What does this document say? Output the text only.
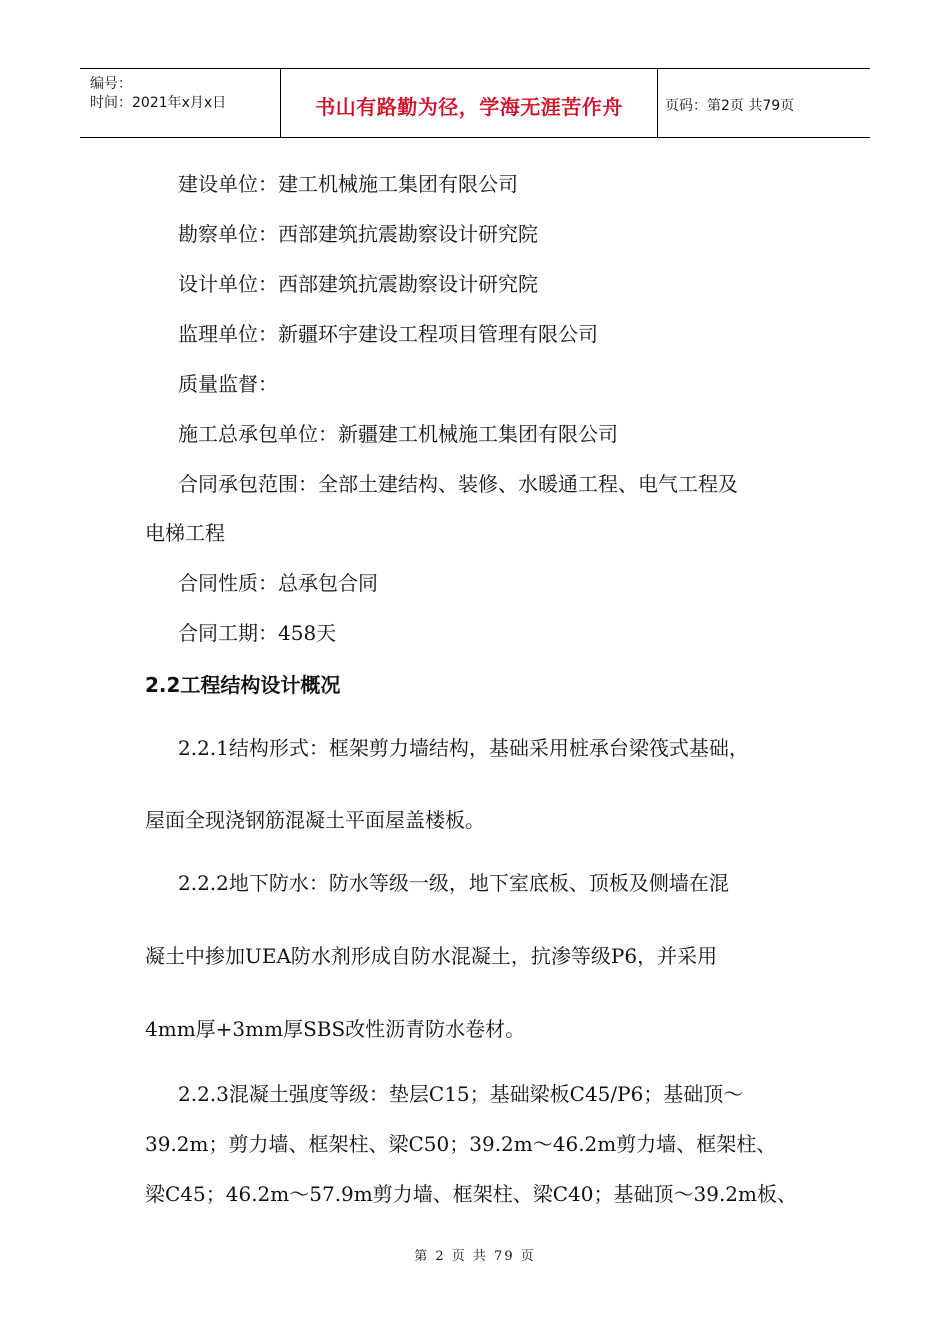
编号：
时间：2021年x月x日	书山有路勤为径，学海无涯苦作舟	页码：第2页 共79页
建设单位：建工机械施工集团有限公司
勘察单位：西部建筑抗震勘察设计研究院
设计单位：西部建筑抗震勘察设计研究院
监理单位：新疆环宇建设工程项目管理有限公司
质量监督：
施工总承包单位：新疆建工机械施工集团有限公司
合同承包范围：全部土建结构、装修、水暖通工程、电气工程及
电梯工程
合同性质：总承包合同
合同工期：458天
2.2工程结构设计概况
2.2.1结构形式：框架剪力墙结构，基础采用桩承台梁筏式基础，
屋面全现浇钢筋混凝土平面屋盖楼板。
2.2.2地下防水：防水等级一级，地下室底板、顶板及侧墙在混
凝土中掺加UEA防水剂形成自防水混凝土，抗渗等级P6，并采用
4mm厚+3mm厚SBS改性沥青防水卷材。
2.2.3混凝土强度等级：垫层C15；基础梁板C45/P6；基础顶～
39.2m；剪力墙、框架柱、梁C50；39.2m～46.2m剪力墙、框架柱、
梁C45；46.2m～57.9m剪力墙、框架柱、梁C40；基础顶～39.2m板、
第 2 页 共 79 页
